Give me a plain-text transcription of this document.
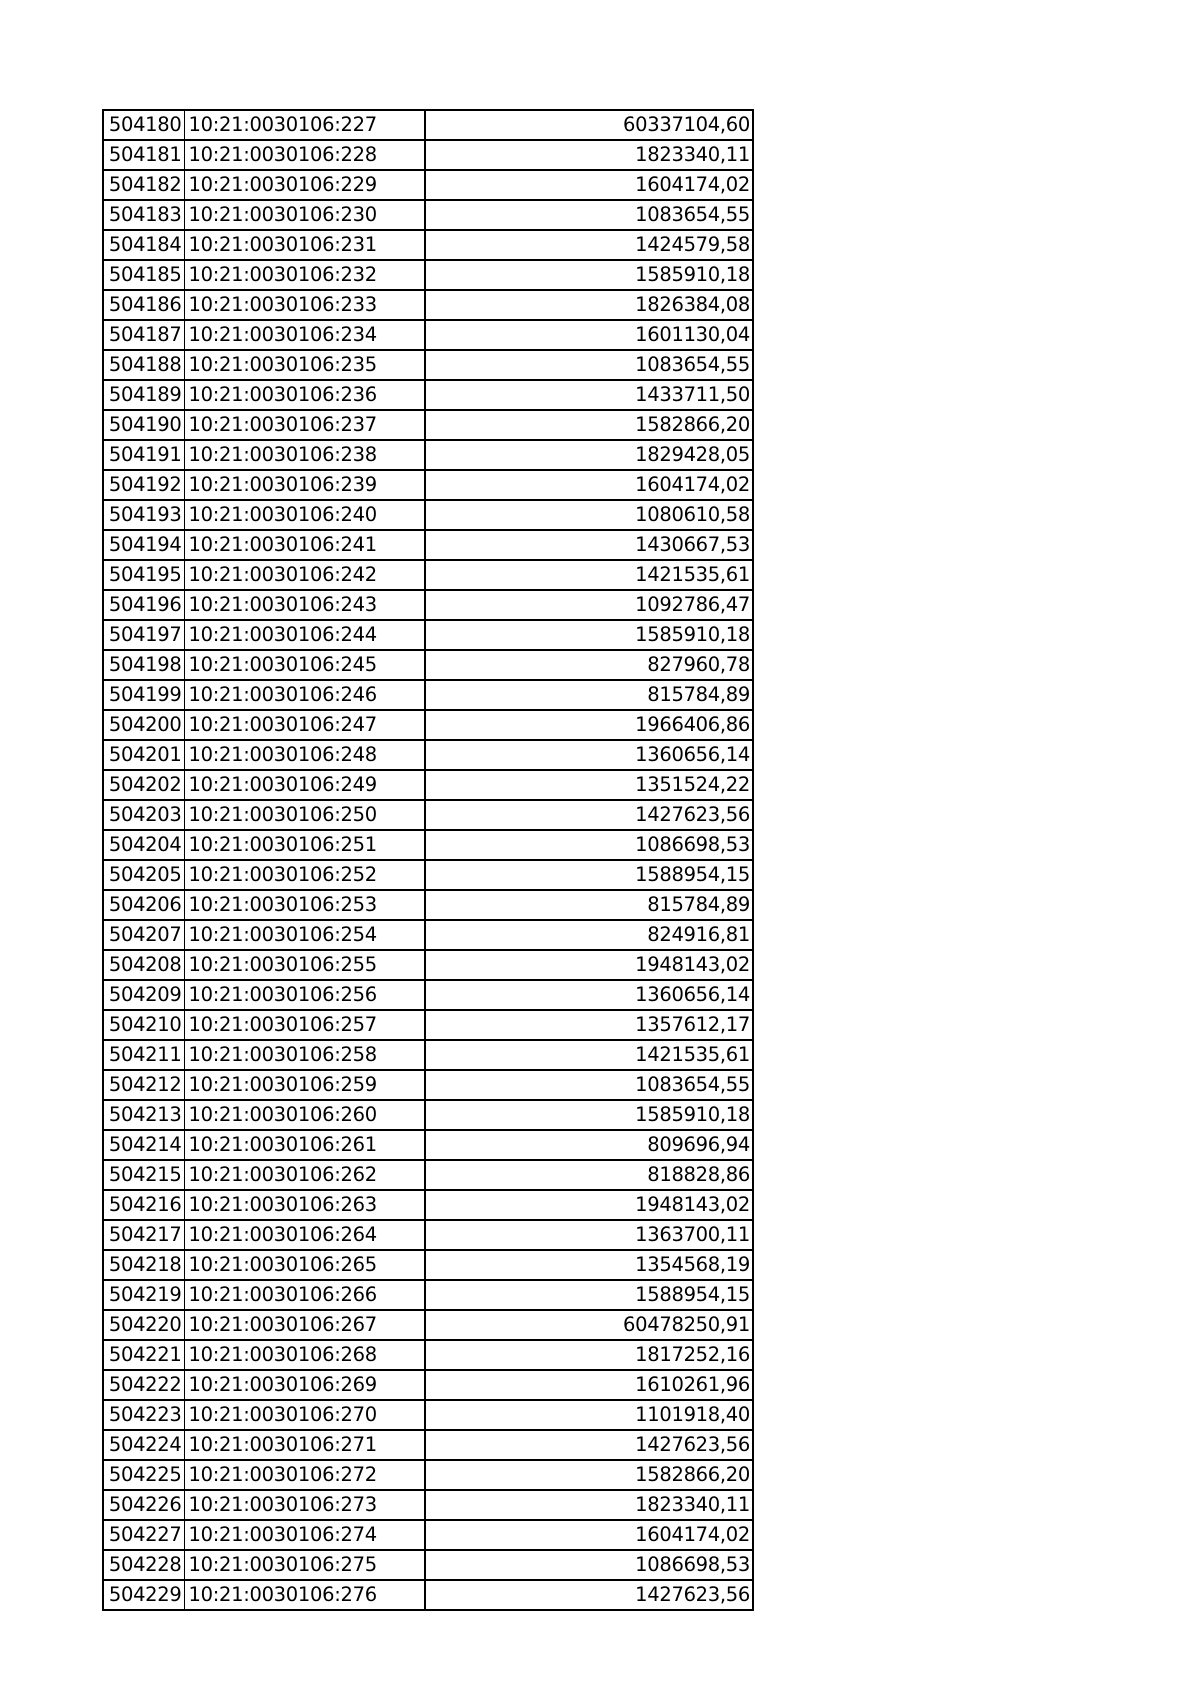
504180	10:21:0030106:227	60337104,60
504181	10:21:0030106:228	1823340,11
504182	10:21:0030106:229	1604174,02
504183	10:21:0030106:230	1083654,55
504184	10:21:0030106:231	1424579,58
504185	10:21:0030106:232	1585910,18
504186	10:21:0030106:233	1826384,08
504187	10:21:0030106:234	1601130,04
504188	10:21:0030106:235	1083654,55
504189	10:21:0030106:236	1433711,50
504190	10:21:0030106:237	1582866,20
504191	10:21:0030106:238	1829428,05
504192	10:21:0030106:239	1604174,02
504193	10:21:0030106:240	1080610,58
504194	10:21:0030106:241	1430667,53
504195	10:21:0030106:242	1421535,61
504196	10:21:0030106:243	1092786,47
504197	10:21:0030106:244	1585910,18
504198	10:21:0030106:245	827960,78
504199	10:21:0030106:246	815784,89
504200	10:21:0030106:247	1966406,86
504201	10:21:0030106:248	1360656,14
504202	10:21:0030106:249	1351524,22
504203	10:21:0030106:250	1427623,56
504204	10:21:0030106:251	1086698,53
504205	10:21:0030106:252	1588954,15
504206	10:21:0030106:253	815784,89
504207	10:21:0030106:254	824916,81
504208	10:21:0030106:255	1948143,02
504209	10:21:0030106:256	1360656,14
504210	10:21:0030106:257	1357612,17
504211	10:21:0030106:258	1421535,61
504212	10:21:0030106:259	1083654,55
504213	10:21:0030106:260	1585910,18
504214	10:21:0030106:261	809696,94
504215	10:21:0030106:262	818828,86
504216	10:21:0030106:263	1948143,02
504217	10:21:0030106:264	1363700,11
504218	10:21:0030106:265	1354568,19
504219	10:21:0030106:266	1588954,15
504220	10:21:0030106:267	60478250,91
504221	10:21:0030106:268	1817252,16
504222	10:21:0030106:269	1610261,96
504223	10:21:0030106:270	1101918,40
504224	10:21:0030106:271	1427623,56
504225	10:21:0030106:272	1582866,20
504226	10:21:0030106:273	1823340,11
504227	10:21:0030106:274	1604174,02
504228	10:21:0030106:275	1086698,53
504229	10:21:0030106:276	1427623,56
